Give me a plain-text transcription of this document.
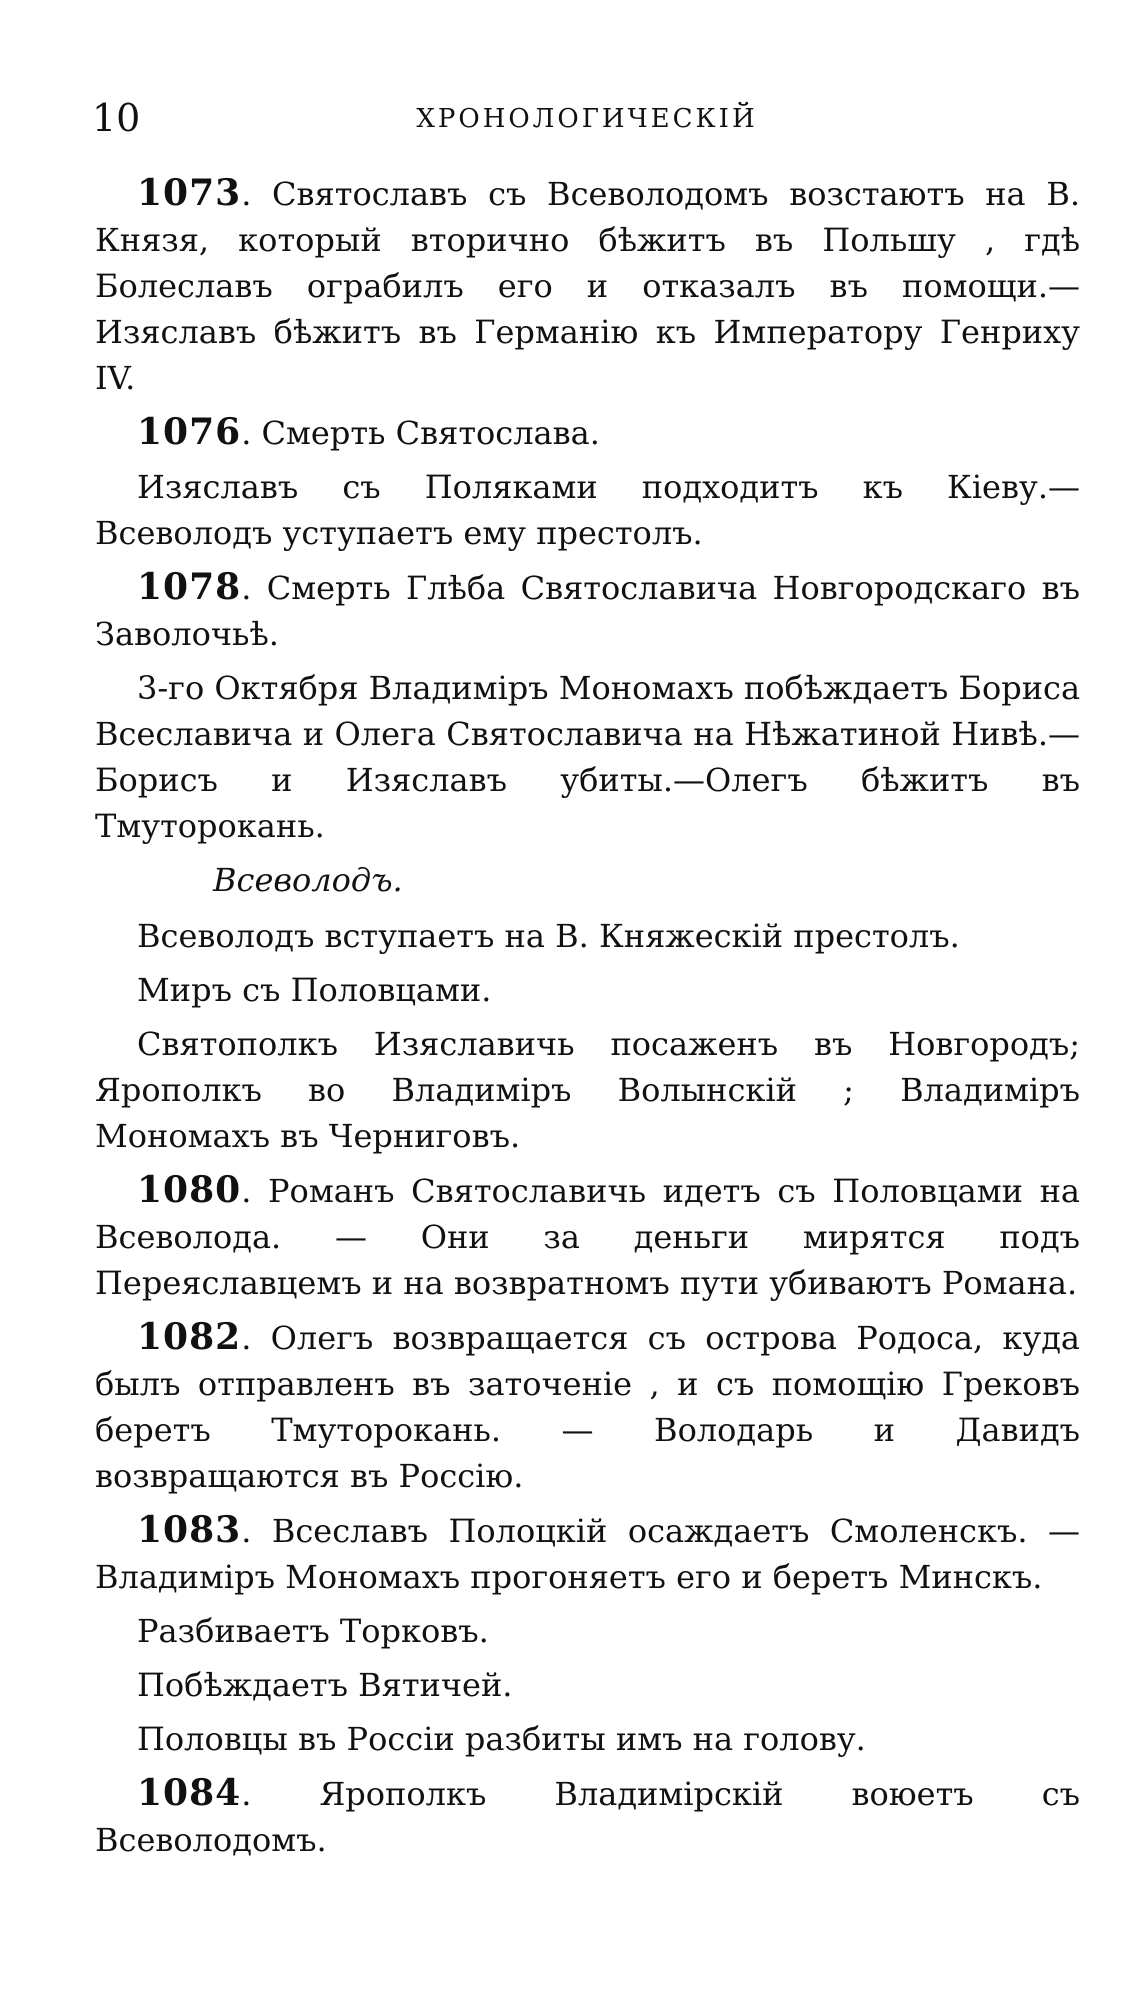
10	ХРОНОЛОГИЧЕСКІЙ

1073. Святославъ съ Всеволодомъ возстаютъ на В. Князя, который вторично бѣжитъ въ Польшу , гдѣ Болеславъ ограбилъ его и отказалъ въ помощи.—Изяславъ бѣжитъ въ Германію къ Императору Генриху IV.

1076. Смерть Святослава.

Изяславъ съ Поляками подходитъ къ Кіеву.— Всеволодъ уступаетъ ему престолъ.

1078. Смерть Глѣба Святославича Новгородскаго въ Заволочьѣ.

3-го Октября Владиміръ Мономахъ побѣждаетъ Бориса Всеславича и Олега Святославича на Нѣжатиной Нивѣ.—Борисъ и Изяславъ убиты.—Олегъ бѣжитъ въ Тмуторокань.

Всеволодъ.

Всеволодъ вступаетъ на В. Княжескій престолъ.

Миръ съ Половцами.

Святополкъ Изяславичь посаженъ въ Новгородъ; Ярополкъ во Владиміръ Волынскій ; Владиміръ Мономахъ въ Черниговъ.

1080. Романъ Святославичь идетъ съ Половцами на Всеволода. — Они за деньги мирятся подъ Переяславцемъ и на возвратномъ пути убиваютъ Романа.

1082. Олегъ возвращается съ острова Родоса, куда былъ отправленъ въ заточеніе , и съ помощію Грековъ беретъ Тмуторокань. — Володарь и Давидъ возвращаются въ Россію.

1083. Всеславъ Полоцкій осаждаетъ Смоленскъ. — Владиміръ Мономахъ прогоняетъ его и беретъ Минскъ.

Разбиваетъ Торковъ.

Побѣждаетъ Вятичей.

Половцы въ Россіи разбиты имъ на голову.

1084. Ярополкъ Владимірскій воюетъ съ Всеволодомъ.
